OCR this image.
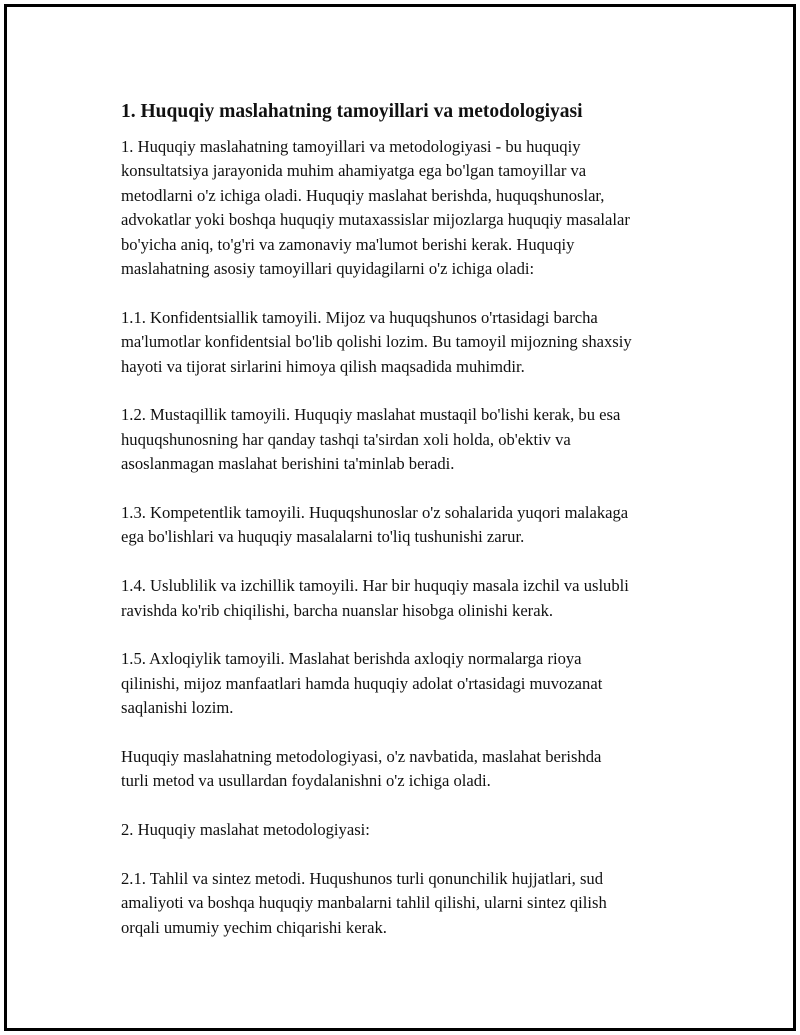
1. Huquqiy maslahatning tamoyillari va metodologiyasi

1. Huquqiy maslahatning tamoyillari va metodologiyasi - bu huquqiy
konsultatsiya jarayonida muhim ahamiyatga ega bo'lgan tamoyillar va
metodlarni o'z ichiga oladi. Huquqiy maslahat berishda, huquqshunoslar,
advokatlar yoki boshqa huquqiy mutaxassislar mijozlarga huquqiy masalalar
bo'yicha aniq, to'g'ri va zamonaviy ma'lumot berishi kerak. Huquqiy
maslahatning asosiy tamoyillari quyidagilarni o'z ichiga oladi:

1.1. Konfidentsiallik tamoyili. Mijoz va huquqshunos o'rtasidagi barcha
ma'lumotlar konfidentsial bo'lib qolishi lozim. Bu tamoyil mijozning shaxsiy
hayoti va tijorat sirlarini himoya qilish maqsadida muhimdir.

1.2. Mustaqillik tamoyili. Huquqiy maslahat mustaqil bo'lishi kerak, bu esa
huquqshunosning har qanday tashqi ta'sirdan xoli holda, ob'ektiv va
asoslanmagan maslahat berishini ta'minlab beradi.

1.3. Kompetentlik tamoyili. Huquqshunoslar o'z sohalarida yuqori malakaga
ega bo'lishlari va huquqiy masalalarni to'liq tushunishi zarur.

1.4. Uslublilik va izchillik tamoyili. Har bir huquqiy masala izchil va uslubli
ravishda ko'rib chiqilishi, barcha nuanslar hisobga olinishi kerak.

1.5. Axloqiylik tamoyili. Maslahat berishda axloqiy normalarga rioya
qilinishi, mijoz manfaatlari hamda huquqiy adolat o'rtasidagi muvozanat
saqlanishi lozim.

Huquqiy maslahatning metodologiyasi, o'z navbatida, maslahat berishda
turli metod va usullardan foydalanishni o'z ichiga oladi.

2. Huquqiy maslahat metodologiyasi:

2.1. Tahlil va sintez metodi. Huqushunos turli qonunchilik hujjatlari, sud
amaliyoti va boshqa huquqiy manbalarni tahlil qilishi, ularni sintez qilish
orqali umumiy yechim chiqarishi kerak.
